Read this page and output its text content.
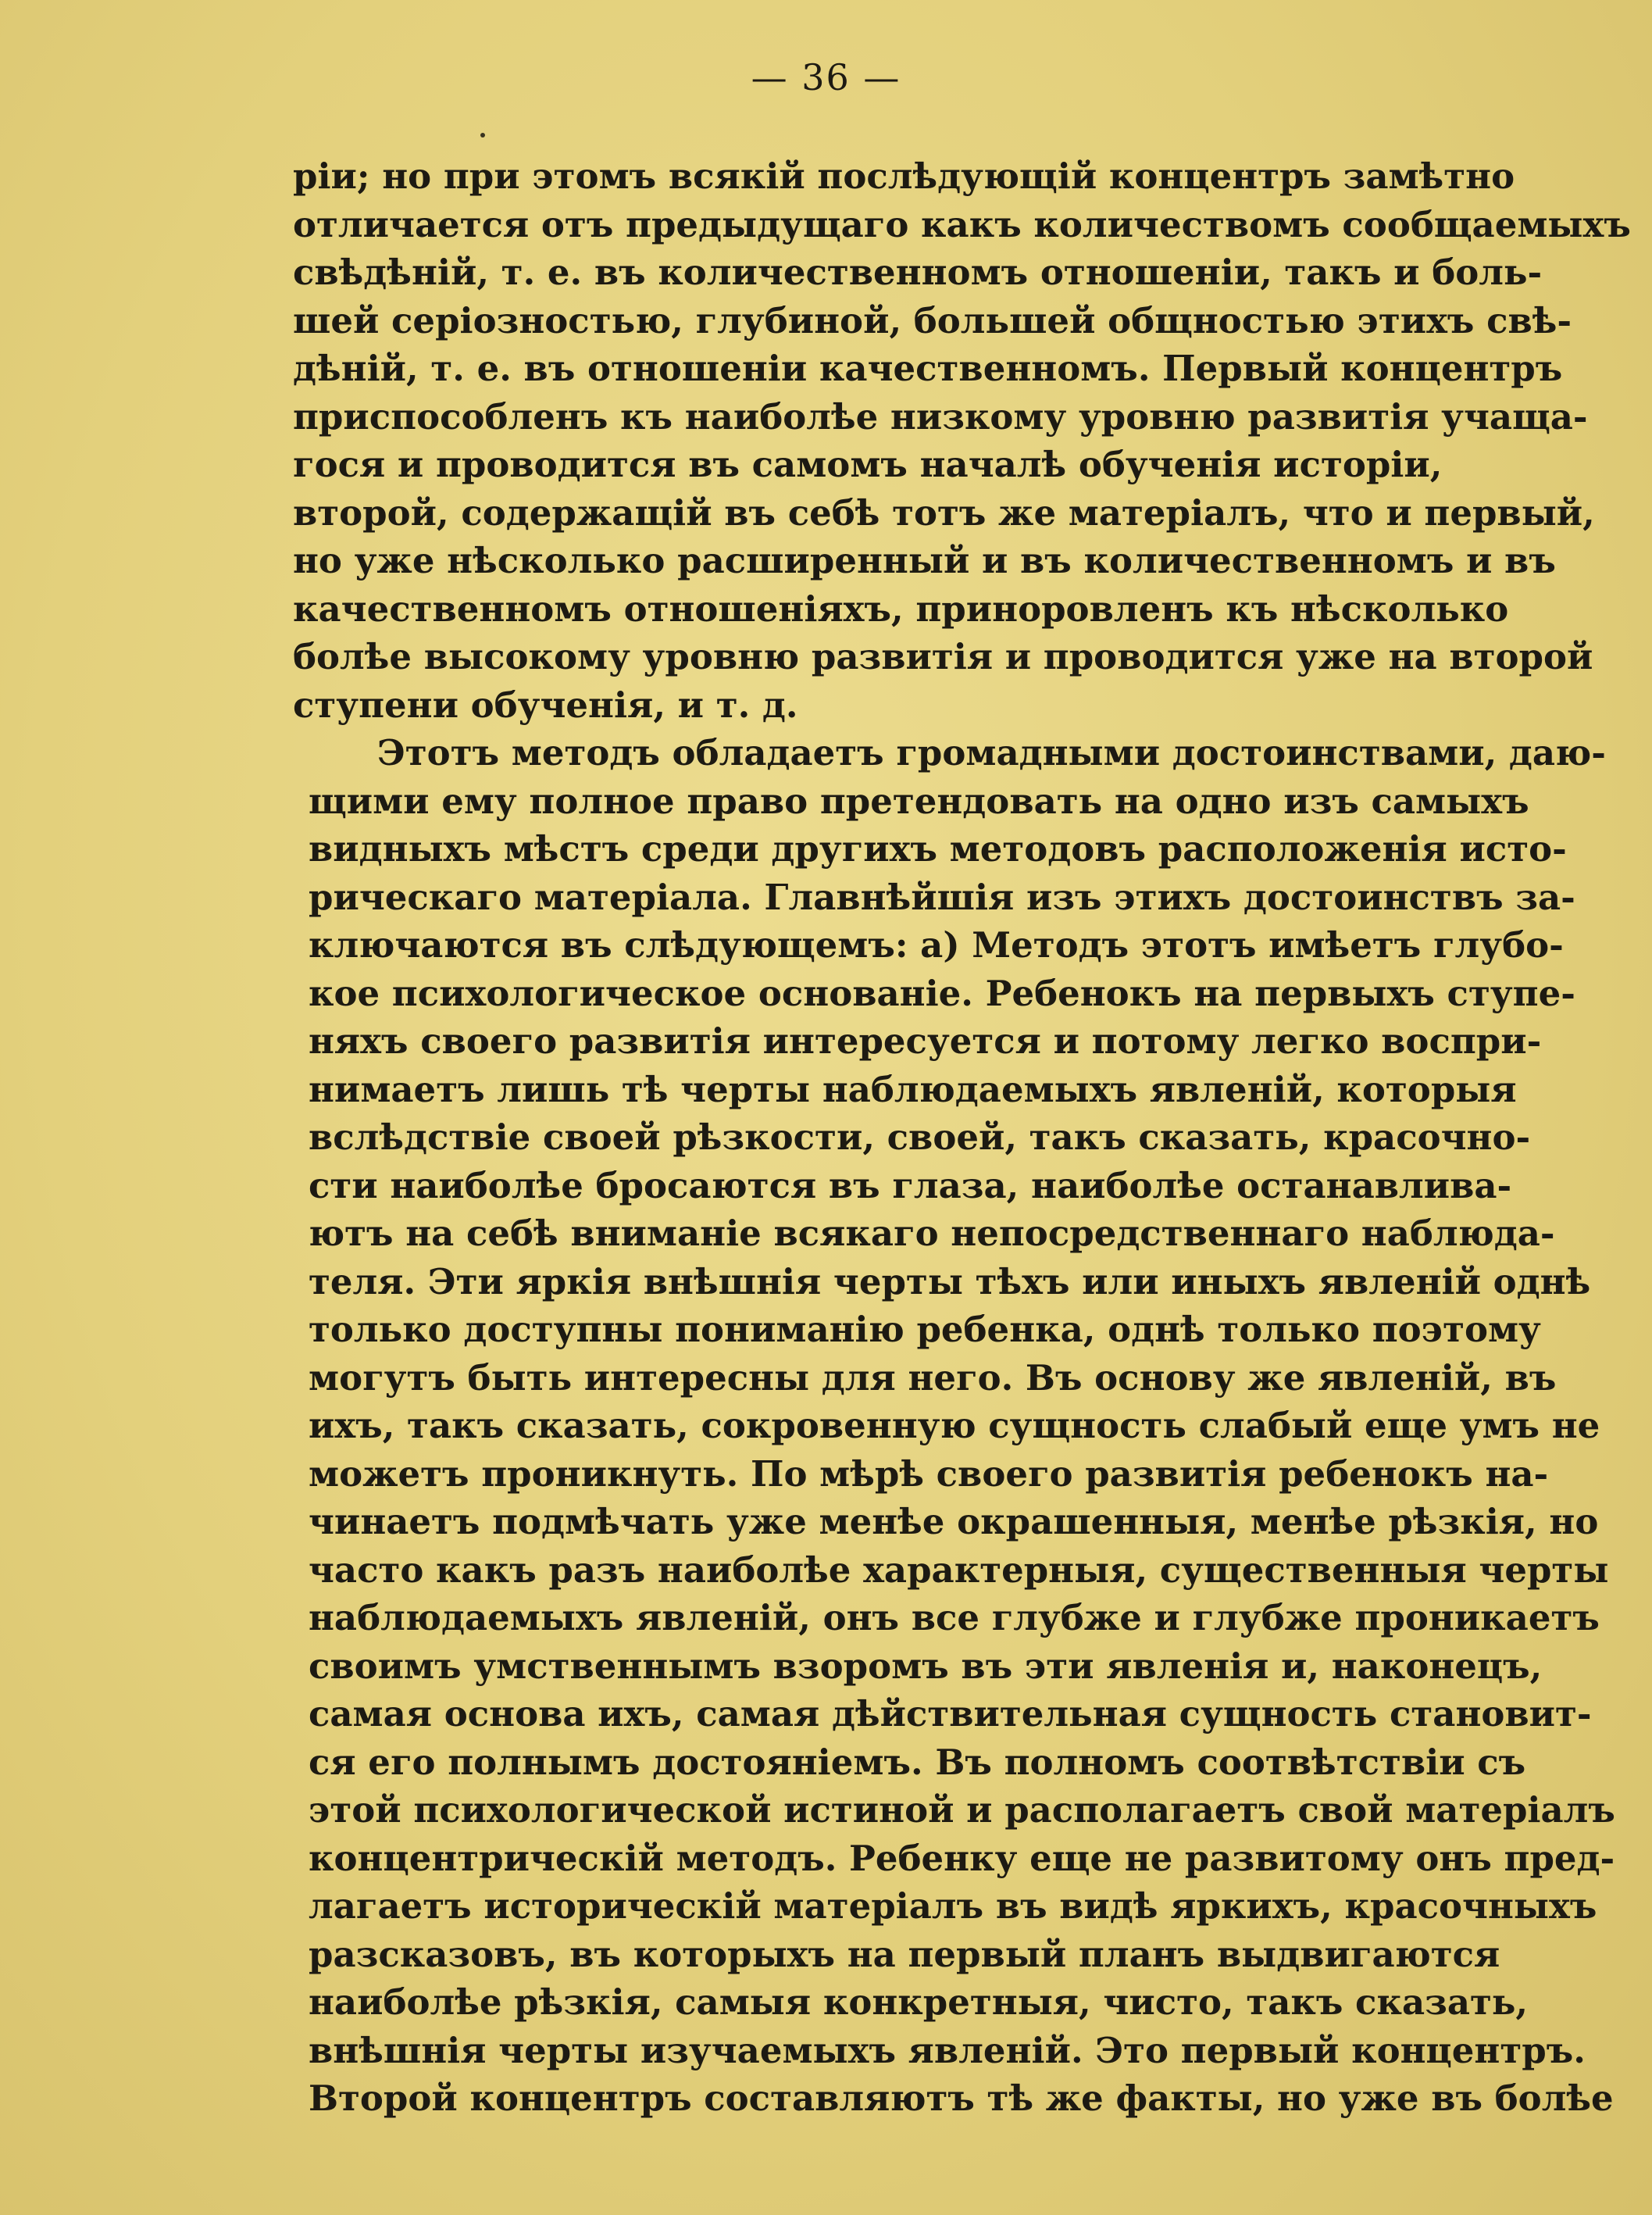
— 36 —
рiи; но при этомъ всякiй послѣдующiй концентръ замѣтно
отличается отъ предыдущаго какъ количествомъ сообщаемыхъ
свѣдѣнiй, т. е. въ количественномъ отношенiи, такъ и боль-
шей серiозностью, глубиной, большей общностью этихъ свѣ-
дѣнiй, т. е. въ отношенiи качественномъ. Первый концентръ
приспособленъ къ наиболѣе низкому уровню развитiя учаща-
гося и проводится въ самомъ началѣ обученiя исторiи,
второй, содержащiй въ себѣ тотъ же матерiалъ, что и первый,
но уже нѣсколько расширенный и въ количественномъ и въ
качественномъ отношенiяхъ, приноровленъ къ нѣсколько
болѣе высокому уровню развитiя и проводится уже на второй
ступени обученiя, и т. д.
Этотъ методъ обладаетъ громадными достоинствами, даю-
щими ему полное право претендовать на одно изъ самыхъ
видныхъ мѣстъ среди другихъ методовъ расположенiя исто-
рическаго матерiала. Главнѣйшiя изъ этихъ достоинствъ за-
ключаются въ слѣдующемъ: а) Методъ этотъ имѣетъ глубо-
кое психологическое основанiе. Ребенокъ на первыхъ ступе-
няхъ своего развитiя интересуется и потому легко воспри-
нимаетъ лишь тѣ черты наблюдаемыхъ явленiй, которыя
вслѣдствiе своей рѣзкости, своей, такъ сказать, красочно-
сти наиболѣе бросаются въ глаза, наиболѣе останавлива-
ютъ на себѣ вниманiе всякаго непосредственнаго наблюда-
теля. Эти яркiя внѣшнiя черты тѣхъ или иныхъ явленiй однѣ
только доступны пониманiю ребенка, однѣ только поэтому
могутъ быть интересны для него. Въ основу же явленiй, въ
ихъ, такъ сказать, сокровенную сущность слабый еще умъ не
можетъ проникнуть. По мѣрѣ своего развитiя ребенокъ на-
чинаетъ подмѣчать уже менѣе окрашенныя, менѣе рѣзкiя, но
часто какъ разъ наиболѣе характерныя, существенныя черты
наблюдаемыхъ явленiй, онъ все глубже и глубже проникаетъ
своимъ умственнымъ взоромъ въ эти явленiя и, наконецъ,
самая основа ихъ, самая дѣйствительная сущность становит-
ся его полнымъ достоянiемъ. Въ полномъ соотвѣтствiи съ
этой психологической истиной и располагаетъ свой матерiалъ
концентрическiй методъ. Ребенку еще не развитому онъ пред-
лагаетъ историческiй матерiалъ въ видѣ яркихъ, красочныхъ
разсказовъ, въ которыхъ на первый планъ выдвигаются
наиболѣе рѣзкiя, самыя конкретныя, чисто, такъ сказать,
внѣшнiя черты изучаемыхъ явленiй. Это первый концентръ.
Второй концентръ составляютъ тѣ же факты, но уже въ болѣе
